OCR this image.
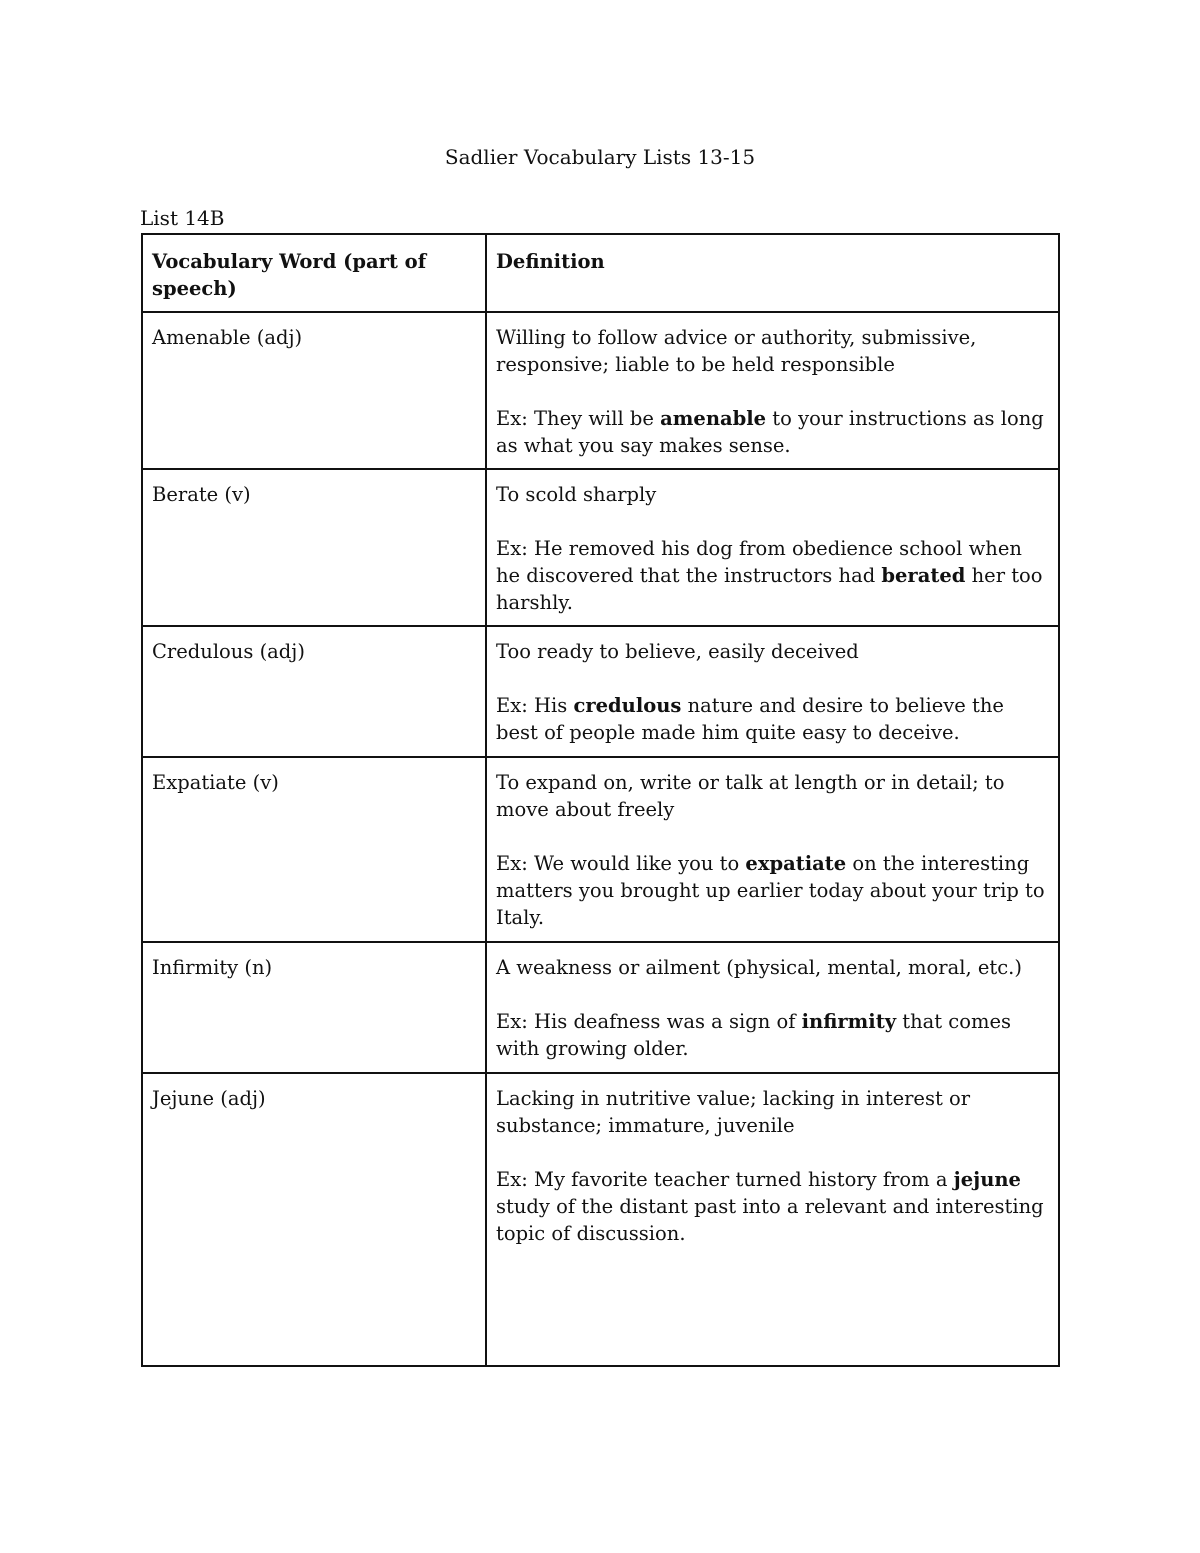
Sadlier Vocabulary Lists 13-15
List 14B
Vocabulary Word (part of speech)	Definition
Amenable (adj)	Willing to follow advice or authority, submissive, responsive; liable to be held responsible

Ex: They will be amenable to your instructions as long as what you say makes sense.

Berate (v)	To scold sharply

Ex: He removed his dog from obedience school when he discovered that the instructors had berated her too harshly.

Credulous (adj)	Too ready to believe, easily deceived

Ex: His credulous nature and desire to believe the best of people made him quite easy to deceive.

Expatiate (v)	To expand on, write or talk at length or in detail; to move about freely

Ex: We would like you to expatiate on the interesting matters you brought up earlier today about your trip to Italy.

Infirmity (n)	A weakness or ailment (physical, mental, moral, etc.)

Ex: His deafness was a sign of infirmity that comes with growing older.

Jejune (adj)	Lacking in nutritive value; lacking in interest or substance; immature, juvenile

Ex: My favorite teacher turned history from a jejune study of the distant past into a relevant and interesting topic of discussion.
